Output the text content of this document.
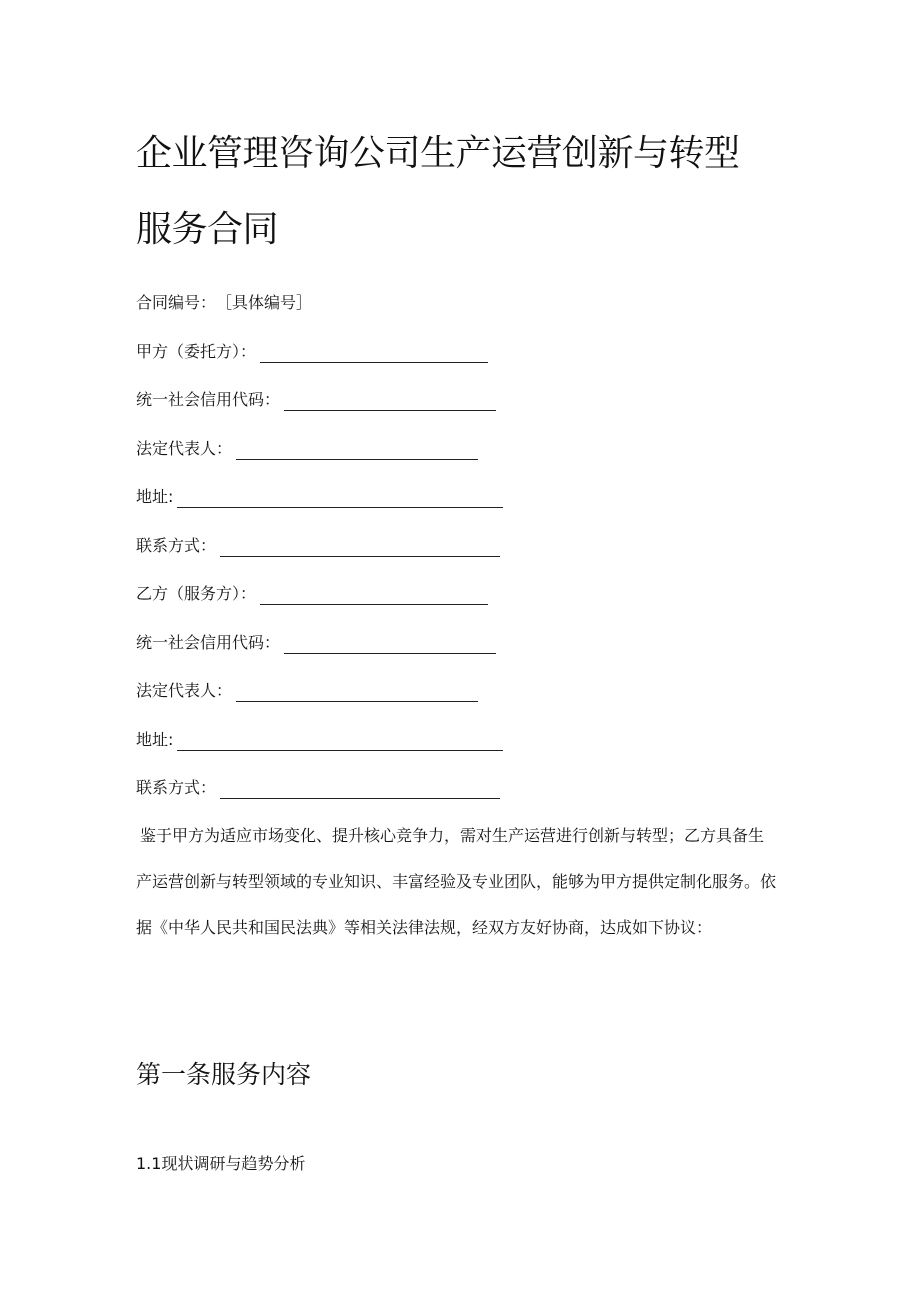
企业管理咨询公司生产运营创新与转型
服务合同
合同编号： ［具体编号］
甲方（委托方）：
统一社会信用代码：
法定代表人：
地址:
联系方式：
乙方（服务方）：
统一社会信用代码：
法定代表人：
地址:
联系方式：

鉴于甲方为适应市场变化、提升核心竞争力，需对生产运营进行创新与转型；乙方具备生产运营创新与转型领域的专业知识、丰富经验及专业团队，能够为甲方提供定制化服务。依据《中华人民共和国民法典》等相关法律法规，经双方友好协商，达成如下协议：

第一条服务内容
1.1现状调研与趋势分析
